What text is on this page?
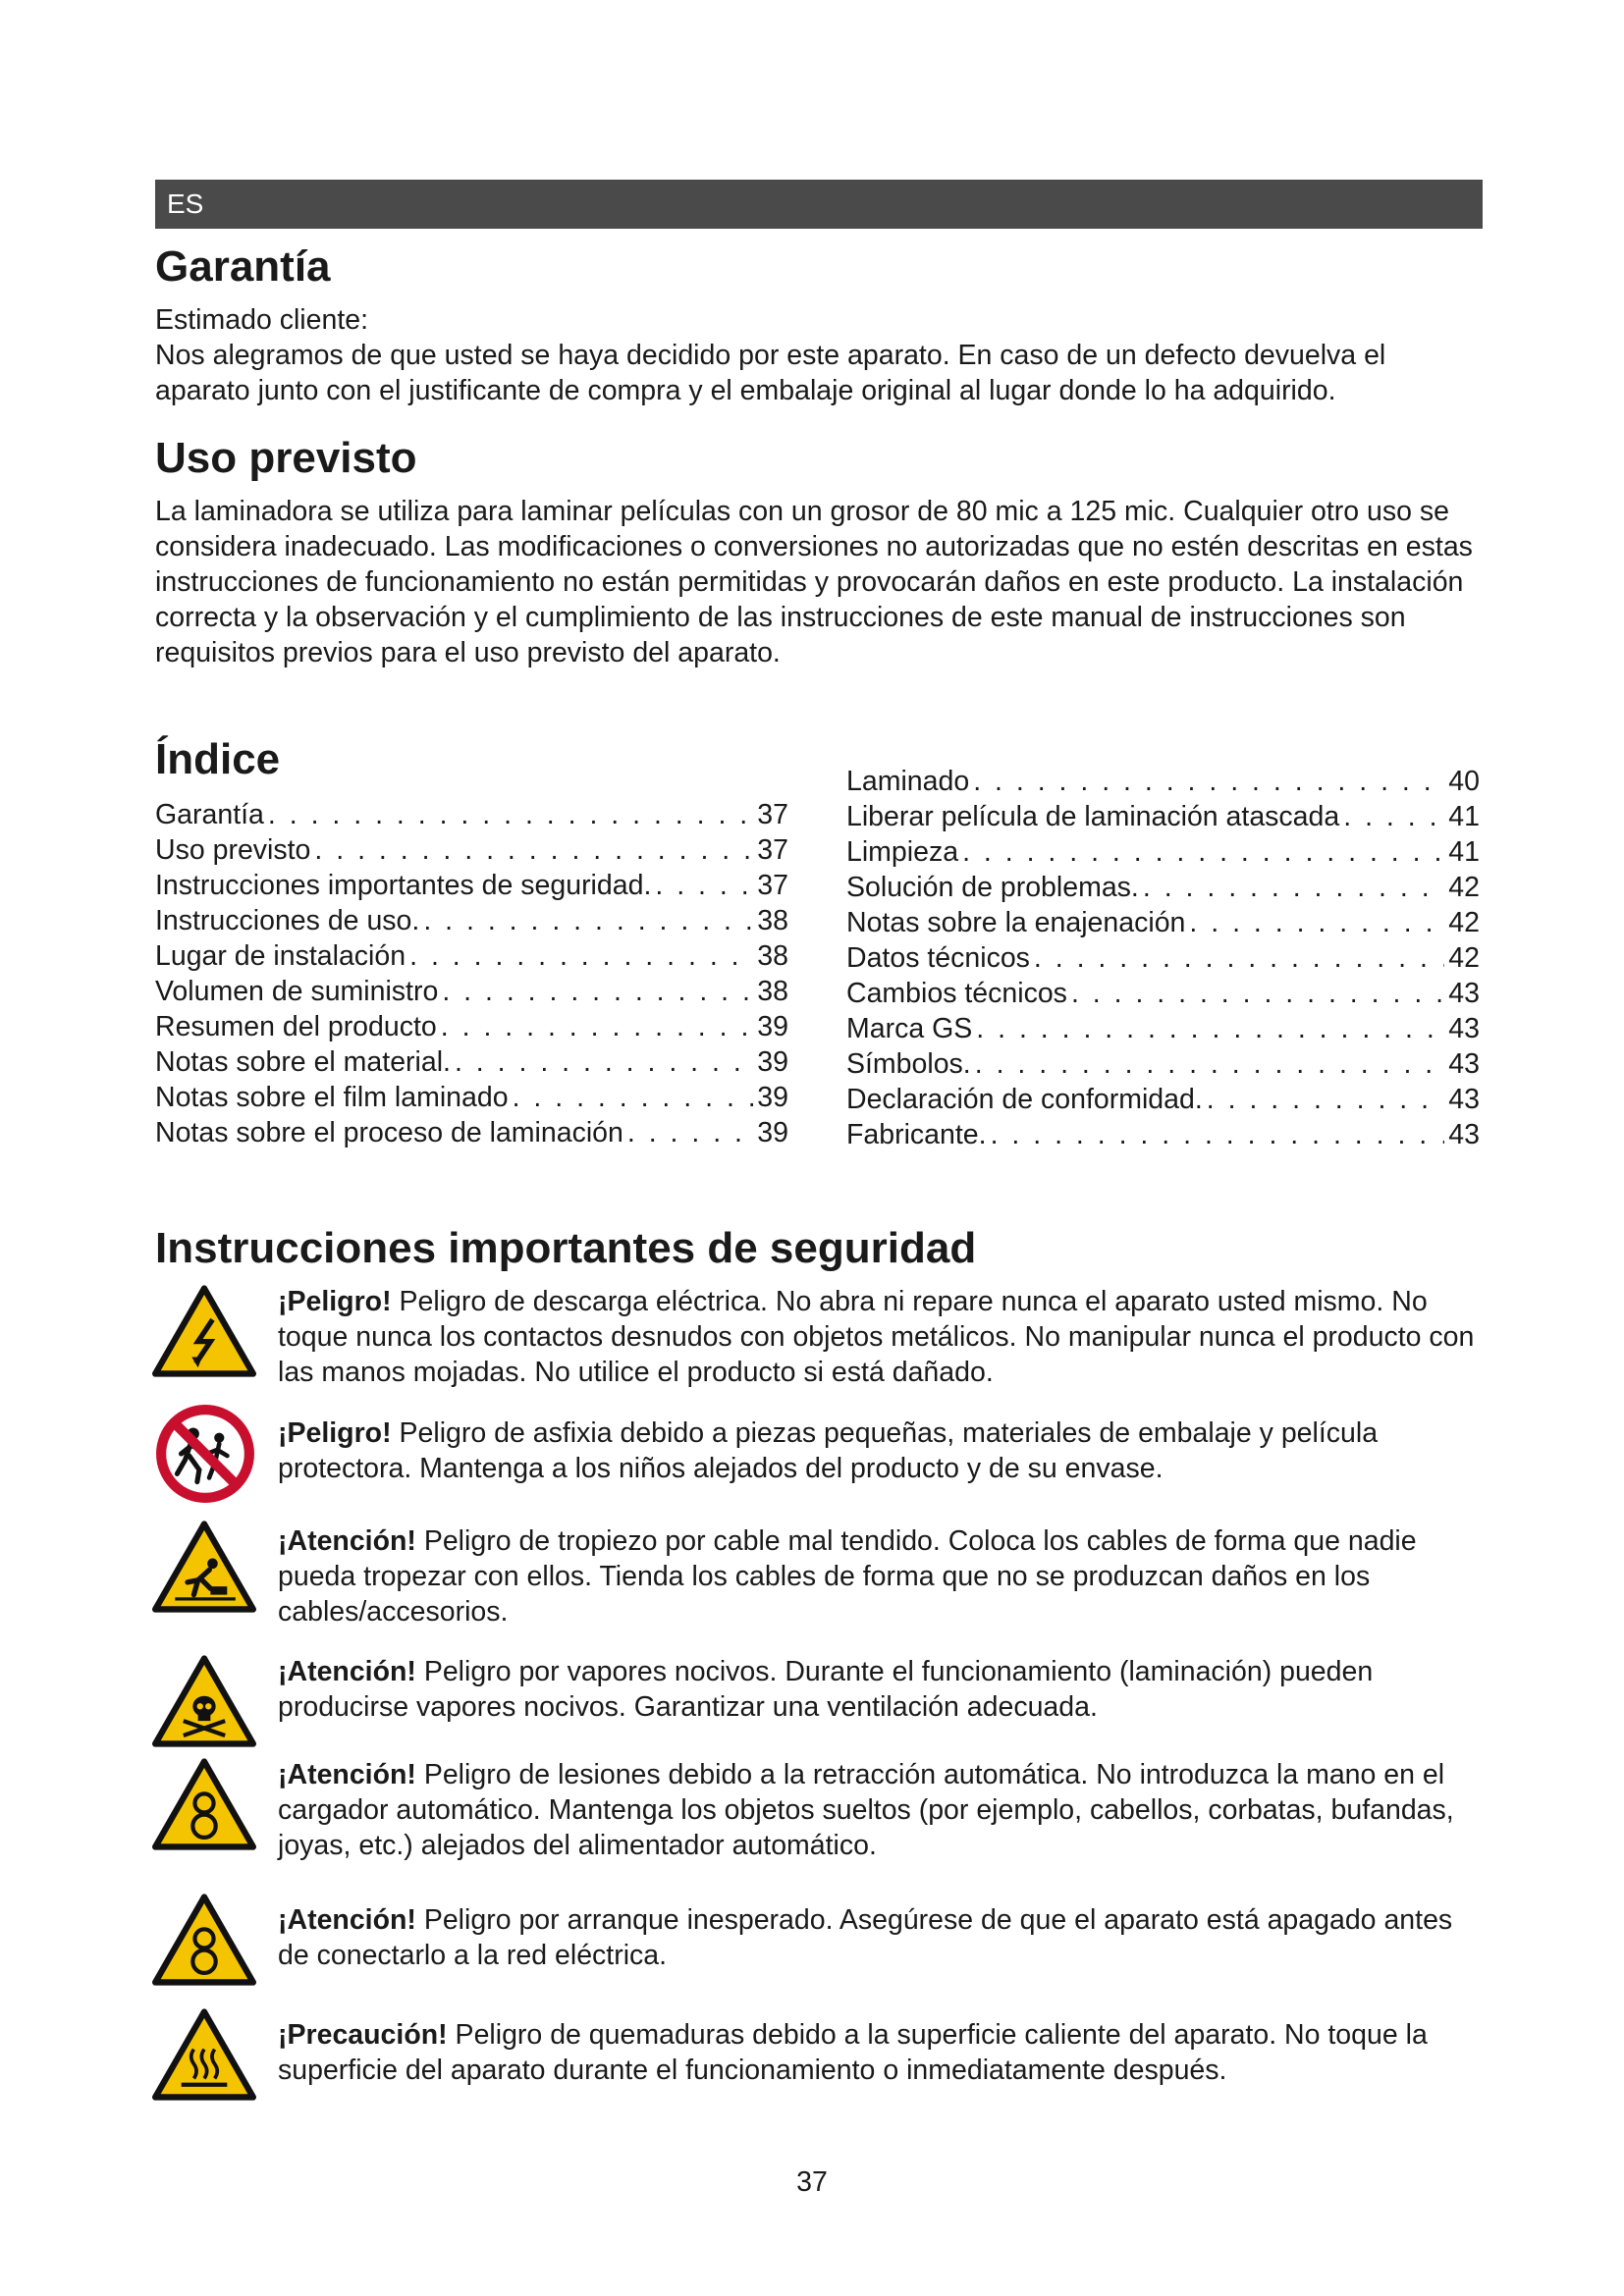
ES
Garantía

Estimado cliente:
Nos alegramos de que usted se haya decidido por este aparato. En caso de un defecto devuelva el aparato junto con el justificante de compra y el embalaje original al lugar donde lo ha adquirido.

Uso previsto

La laminadora se utiliza para laminar películas con un grosor de 80 mic a 125 mic. Cualquier otro uso se considera inadecuado. Las modificaciones o conversiones no autorizadas que no estén descritas en estas instrucciones de funcionamiento no están permitidas y provocarán daños en este producto. La instalación correcta y la observación y el cumplimiento de las instrucciones de este manual de instrucciones son requisitos previos para el uso previsto del aparato.

Índice
Garantía . . .	37
Uso previsto . . .	37
Instrucciones importantes de seguridad. . . .	37
Instrucciones de uso. . . .	38
Lugar de instalación . . .	38
Volumen de suministro . . .	38
Resumen del producto . . .	39
Notas sobre el material. . . .	39
Notas sobre el film laminado . . .	39
Notas sobre el proceso de laminación . . .	39
Laminado . . .	40
Liberar película de laminación atascada . . .	41
Limpieza . . .	41
Solución de problemas. . . .	42
Notas sobre la enajenación . . .	42
Datos técnicos . . .	42
Cambios técnicos . . .	43
Marca GS . . .	43
Símbolos. . . .	43
Declaración de conformidad. . . .	43
Fabricante. . . .	43
Instrucciones importantes de seguridad

¡Peligro! Peligro de descarga eléctrica. No abra ni repare nunca el aparato usted mismo. No toque nunca los contactos desnudos con objetos metálicos. No manipular nunca el producto con las manos mojadas. No utilice el producto si está dañado.

¡Peligro! Peligro de asfixia debido a piezas pequeñas, materiales de embalaje y película protectora. Mantenga a los niños alejados del producto y de su envase.

¡Atención! Peligro de tropiezo por cable mal tendido. Coloca los cables de forma que nadie pueda tropezar con ellos. Tienda los cables de forma que no se produzcan daños en los cables/accesorios.

¡Atención! Peligro por vapores nocivos. Durante el funcionamiento (laminación) pueden producirse vapores nocivos. Garantizar una ventilación adecuada.

¡Atención! Peligro de lesiones debido a la retracción automática. No introduzca la mano en el cargador automático. Mantenga los objetos sueltos (por ejemplo, cabellos, corbatas, bufandas, joyas, etc.) alejados del alimentador automático.

¡Atención! Peligro por arranque inesperado. Asegúrese de que el aparato está apagado antes de conectarlo a la red eléctrica.

¡Precaución! Peligro de quemaduras debido a la superficie caliente del aparato. No toque la superficie del aparato durante el funcionamiento o inmediatamente después.

37
